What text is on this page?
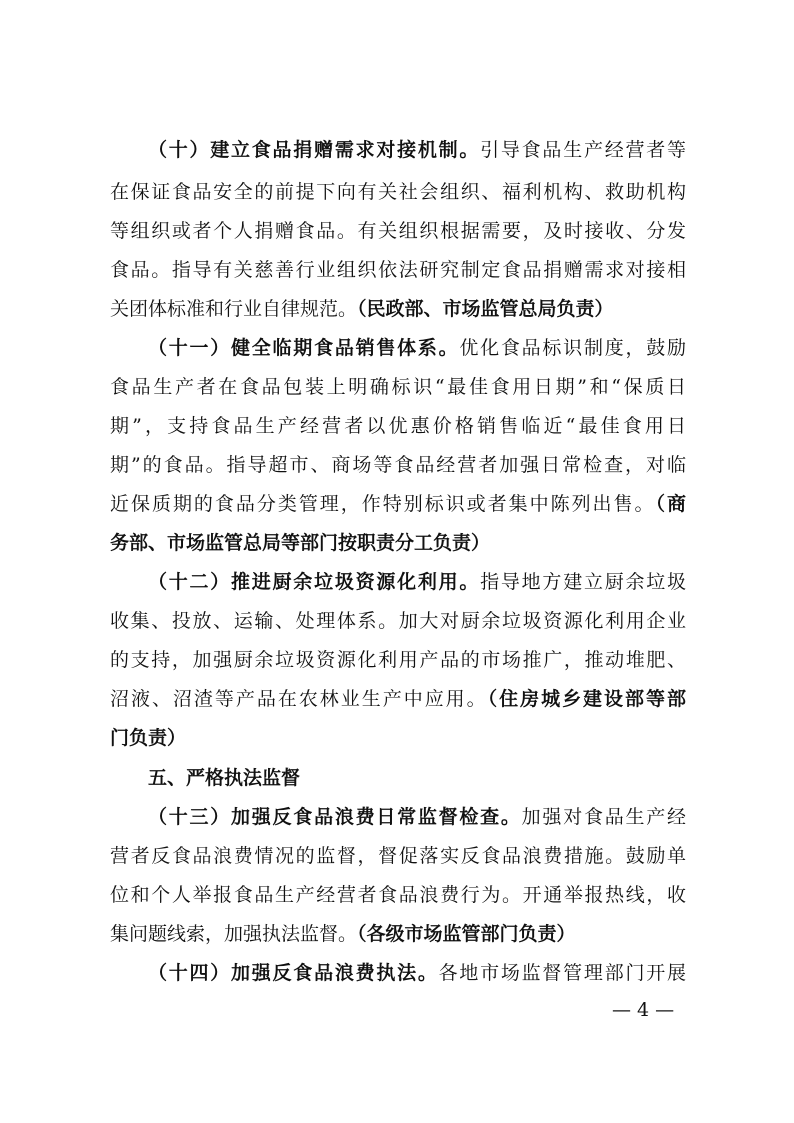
（十）建立食品捐赠需求对接机制。引导食品生产经营者等
在保证食品安全的前提下向有关社会组织、福利机构、救助机构
等组织或者个人捐赠食品。有关组织根据需要，及时接收、分发
食品。指导有关慈善行业组织依法研究制定食品捐赠需求对接相
关团体标准和行业自律规范。（民政部、市场监管总局负责）
（十一）健全临期食品销售体系。优化食品标识制度，鼓励
食品生产者在食品包装上明确标识“最佳食用日期”和“保质日
期”，支持食品生产经营者以优惠价格销售临近“最佳食用日
期”的食品。指导超市、商场等食品经营者加强日常检查，对临
近保质期的食品分类管理，作特别标识或者集中陈列出售。（商
务部、市场监管总局等部门按职责分工负责）
（十二）推进厨余垃圾资源化利用。指导地方建立厨余垃圾
收集、投放、运输、处理体系。加大对厨余垃圾资源化利用企业
的支持，加强厨余垃圾资源化利用产品的市场推广，推动堆肥、
沼液、沼渣等产品在农林业生产中应用。（住房城乡建设部等部
门负责）
五、严格执法监督
（十三）加强反食品浪费日常监督检查。加强对食品生产经
营者反食品浪费情况的监督，督促落实反食品浪费措施。鼓励单
位和个人举报食品生产经营者食品浪费行为。开通举报热线，收
集问题线索，加强执法监督。（各级市场监管部门负责）
（十四）加强反食品浪费执法。各地市场监督管理部门开展
— 4 —
